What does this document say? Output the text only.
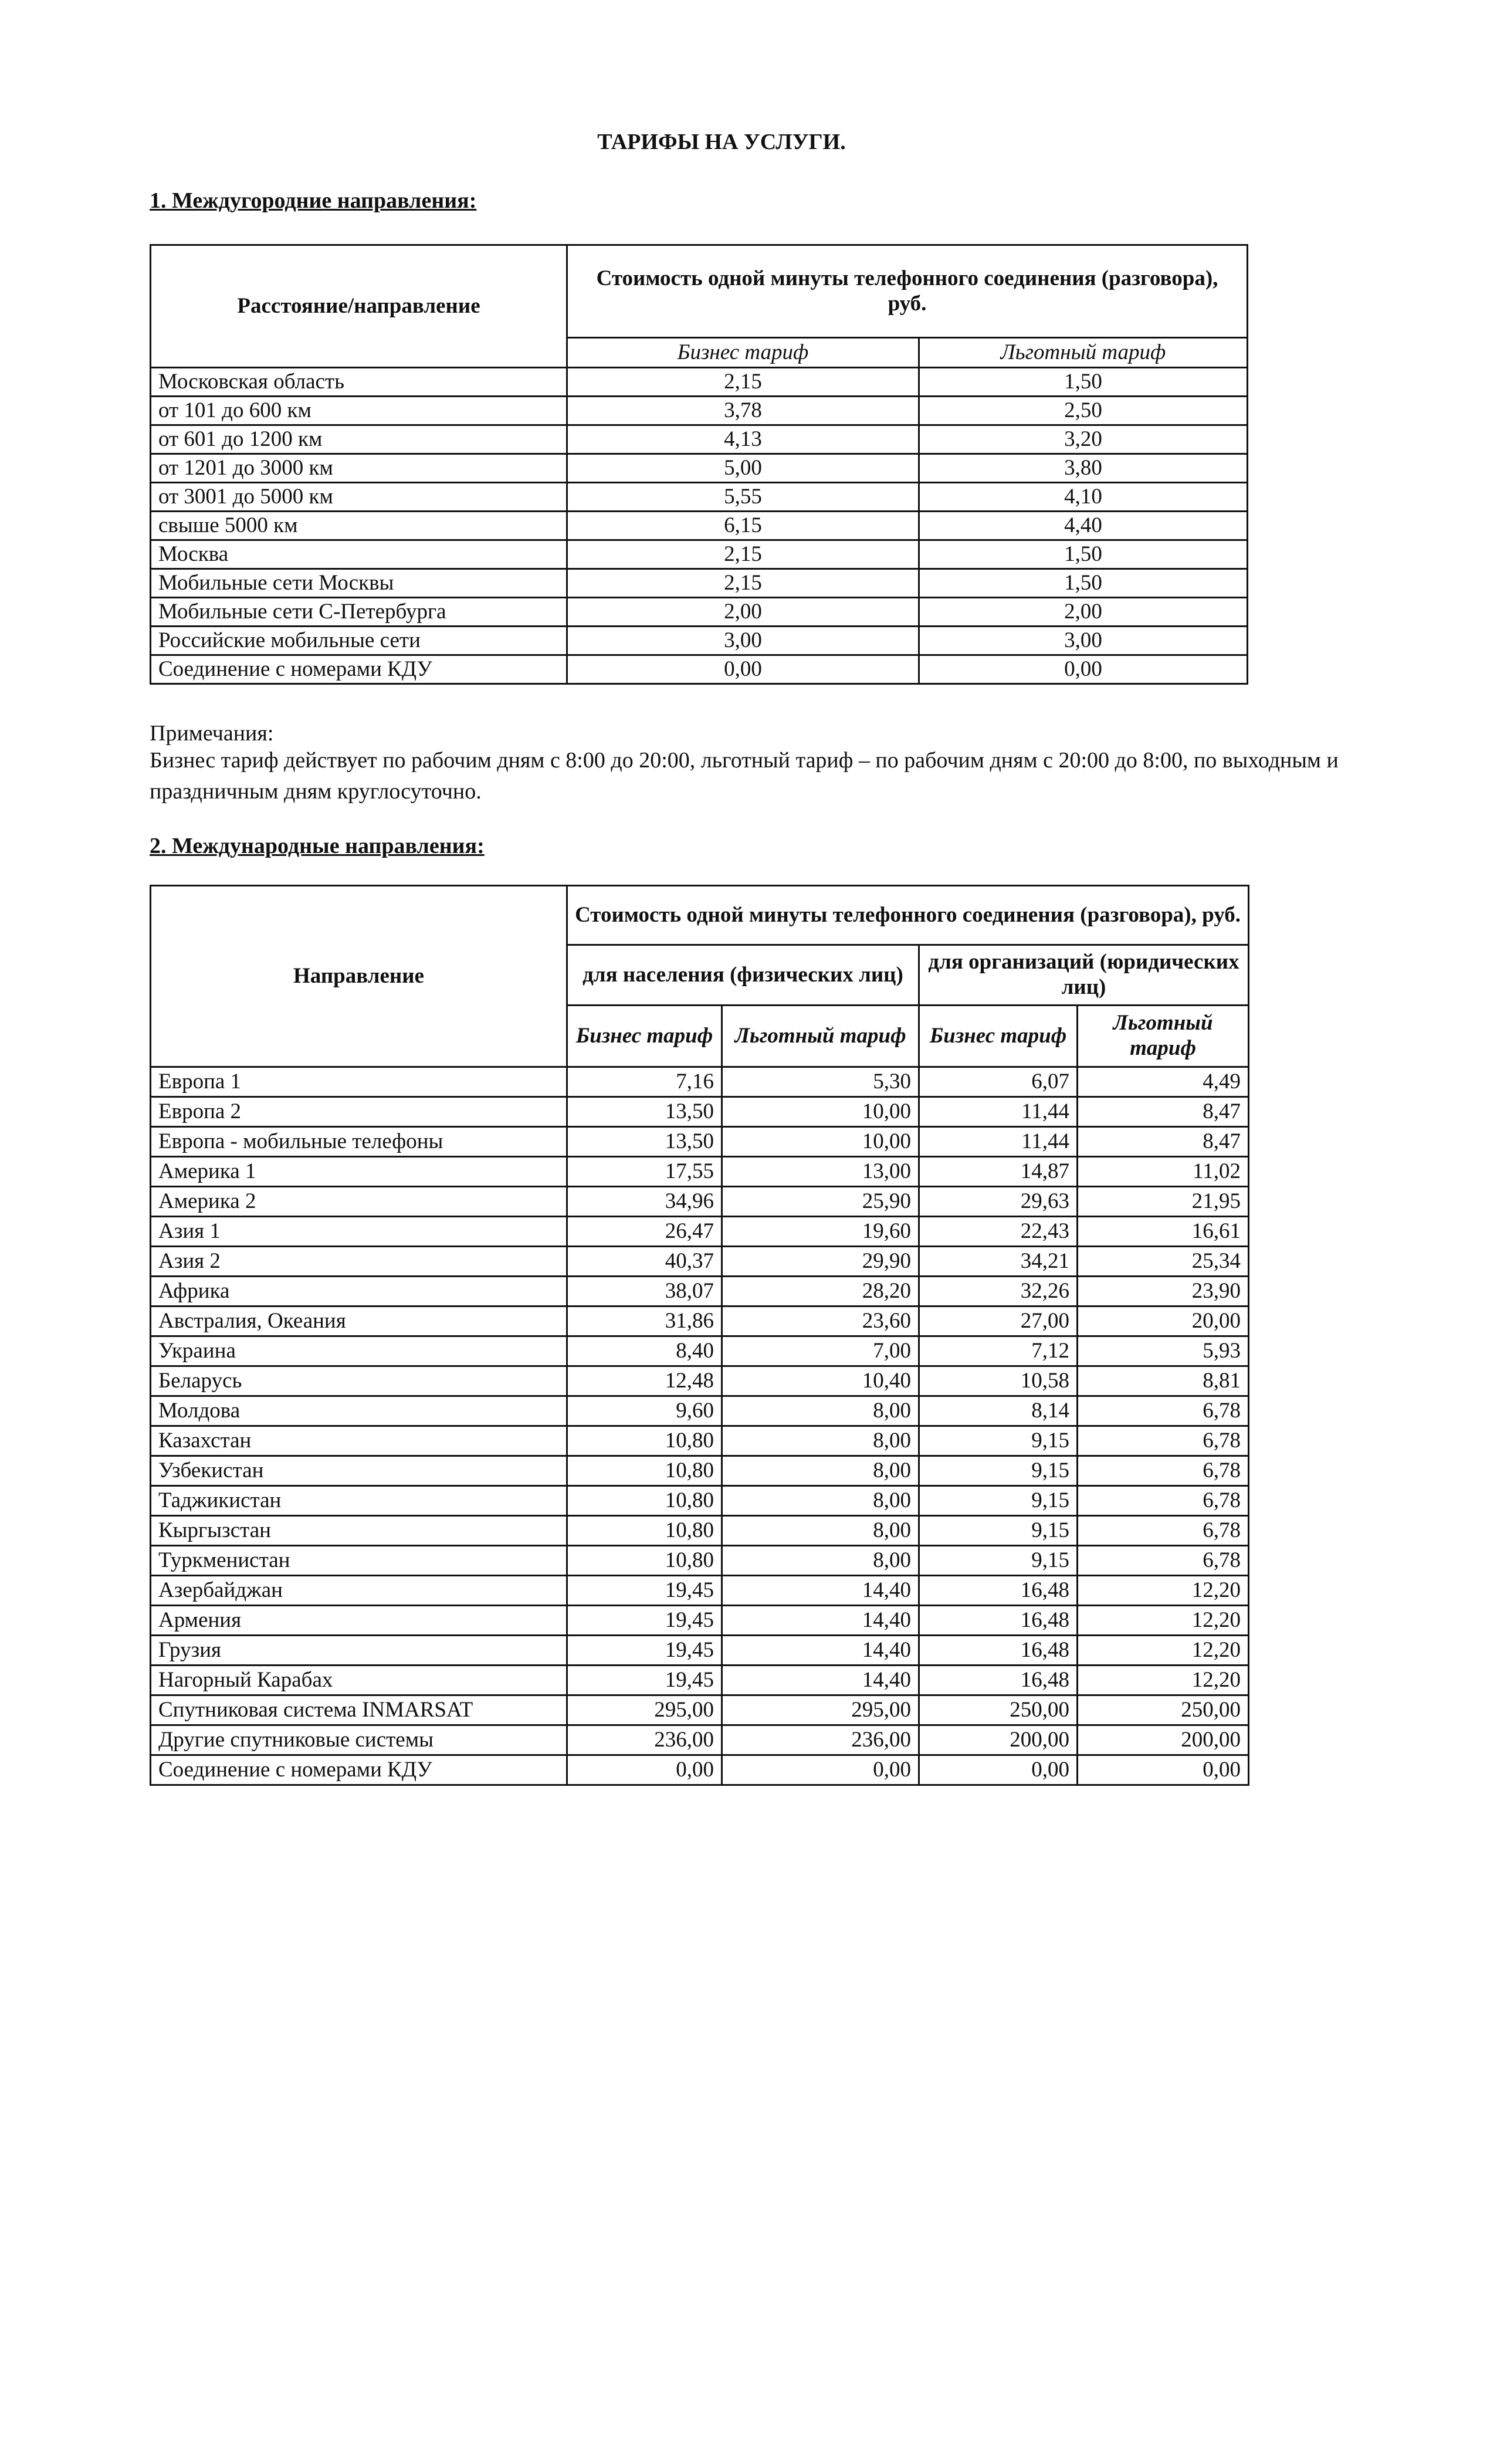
ТАРИФЫ НА УСЛУГИ.
1. Междугородние направления:
Расстояние/направление	Стоимость одной минуты телефонного соединения (разговора), руб.	
	Бизнес тариф	Льготный тариф
Московская область	2,15	1,50
от 101 до 600 км	3,78	2,50
от 601 до 1200 км	4,13	3,20
от 1201 до 3000 км	5,00	3,80
от 3001 до 5000 км	5,55	4,10
свыше 5000 км	6,15	4,40
Москва	2,15	1,50
Мобильные сети Москвы	2,15	1,50
Мобильные сети С-Петербурга	2,00	2,00
Российские мобильные сети	3,00	3,00
Соединение с номерами КДУ	0,00	0,00
Примечания:
Бизнес тариф действует по рабочим дням с 8:00 до 20:00, льготный тариф – по рабочим дням с 20:00 до 8:00, по выходным и праздничным дням круглосуточно.
2. Международные направления:
Направление	Стоимость одной минуты телефонного соединения (разговора), руб.			
	для населения (физических лиц)		для организаций (юридических лиц)	
	Бизнес тариф	Льготный тариф	Бизнес тариф	Льготный тариф
Европа 1	7,16	5,30	6,07	4,49
Европа 2	13,50	10,00	11,44	8,47
Европа - мобильные телефоны	13,50	10,00	11,44	8,47
Америка 1	17,55	13,00	14,87	11,02
Америка 2	34,96	25,90	29,63	21,95
Азия 1	26,47	19,60	22,43	16,61
Азия 2	40,37	29,90	34,21	25,34
Африка	38,07	28,20	32,26	23,90
Австралия, Океания	31,86	23,60	27,00	20,00
Украина	8,40	7,00	7,12	5,93
Беларусь	12,48	10,40	10,58	8,81
Молдова	9,60	8,00	8,14	6,78
Казахстан	10,80	8,00	9,15	6,78
Узбекистан	10,80	8,00	9,15	6,78
Таджикистан	10,80	8,00	9,15	6,78
Кыргызстан	10,80	8,00	9,15	6,78
Туркменистан	10,80	8,00	9,15	6,78
Азербайджан	19,45	14,40	16,48	12,20
Армения	19,45	14,40	16,48	12,20
Грузия	19,45	14,40	16,48	12,20
Нагорный Карабах	19,45	14,40	16,48	12,20
Спутниковая система INMARSAT	295,00	295,00	250,00	250,00
Другие спутниковые системы	236,00	236,00	200,00	200,00
Соединение с номерами КДУ	0,00	0,00	0,00	0,00
